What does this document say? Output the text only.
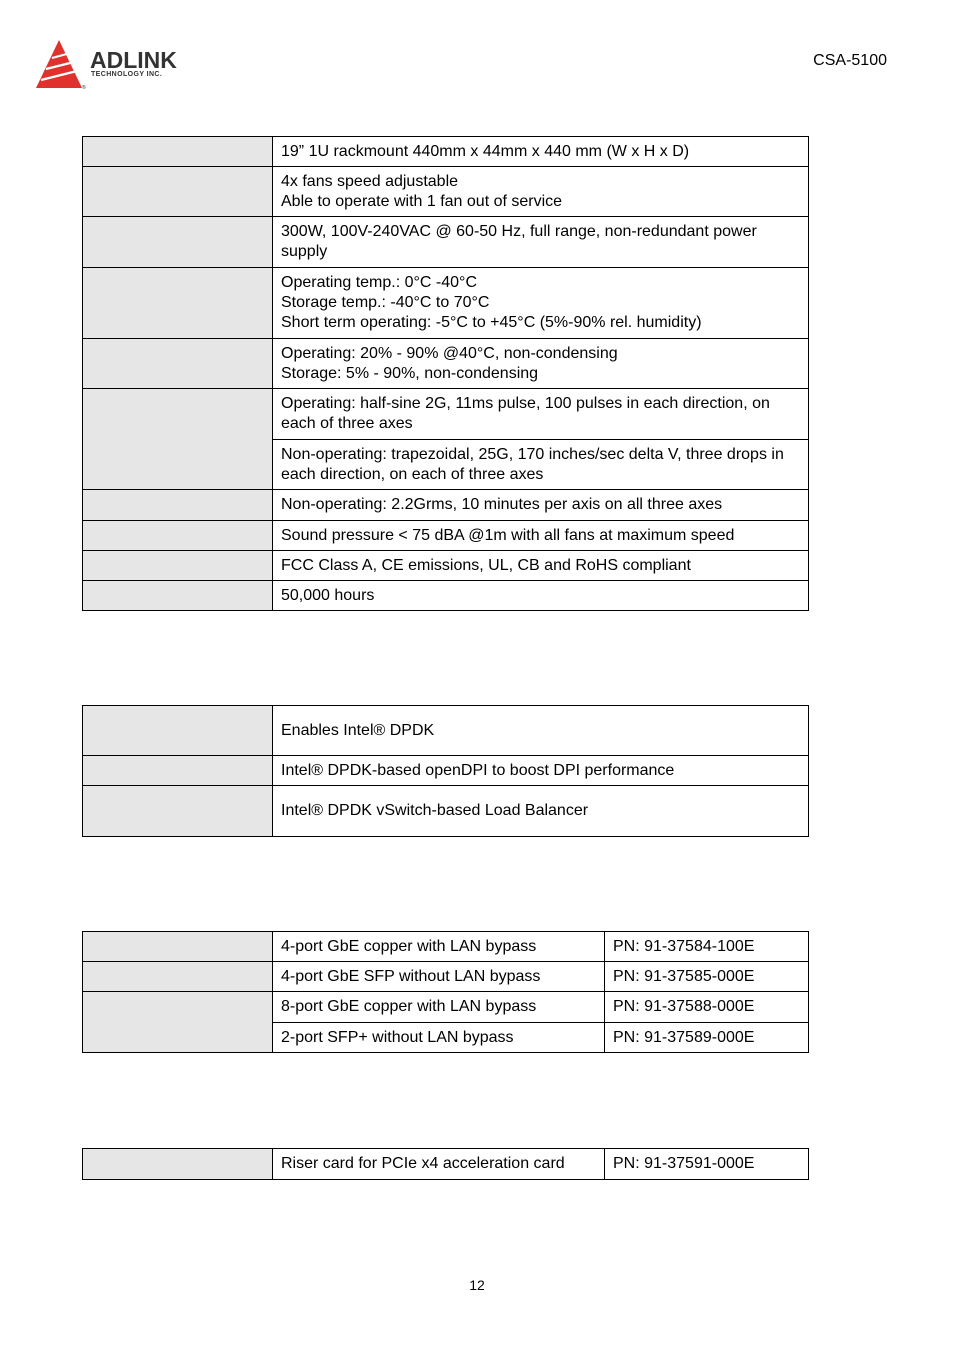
ADLINK
TECHNOLOGY INC.
®
CSA-5100

	19” 1U rackmount 440mm x 44mm x 440 mm (W x H x D)

	4x fans speed adjustable
Able to operate with 1 fan out of service

	300W, 100V-240VAC @ 60-50 Hz, full range, non-redundant power supply

	Operating temp.: 0°C -40°C
Storage temp.: -40°C to 70°C
Short term operating: -5°C to +45°C (5%-90% rel. humidity)

	Operating: 20% - 90% @40°C, non-condensing
Storage: 5% - 90%, non-condensing

	Operating: half-sine 2G, 11ms pulse, 100 pulses in each direction, on each of three axes

	Non-operating: trapezoidal, 25G, 170 inches/sec delta V, three drops in each direction, on each of three axes

	Non-operating: 2.2Grms, 10 minutes per axis on all three axes

	Sound pressure < 75 dBA @1m with all fans at maximum speed

	FCC Class A, CE emissions, UL, CB and RoHS compliant

	50,000 hours
	Enables Intel® DPDK
	Intel® DPDK-based openDPI to boost DPI performance
	Intel® DPDK vSwitch-based Load Balancer
	4-port GbE copper with LAN bypass	PN: 91-37584-100E
	4-port GbE SFP without LAN bypass	PN: 91-37585-000E
	8-port GbE copper with LAN bypass	PN: 91-37588-000E
	2-port SFP+ without LAN bypass	PN: 91-37589-000E
	Riser card for PCIe x4 acceleration card	PN: 91-37591-000E
12
